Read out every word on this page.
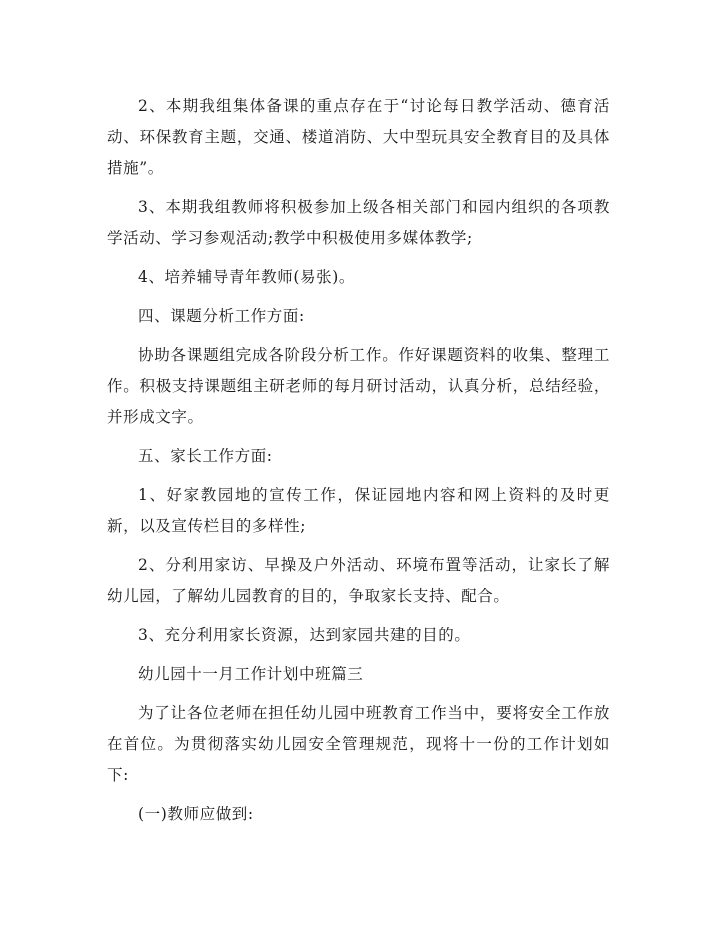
2、本期我组集体备课的重点存在于“讨论每日教学活动、德育活动、环保教育主题，交通、楼道消防、大中型玩具安全教育目的及具体措施”。

3、本期我组教师将积极参加上级各相关部门和园内组织的各项教学活动、学习参观活动;教学中积极使用多媒体教学;

4、培养辅导青年教师(易张)。

四、课题分析工作方面:

协助各课题组完成各阶段分析工作。作好课题资料的收集、整理工作。积极支持课题组主研老师的每月研讨活动，认真分析，总结经验，并形成文字。

五、家长工作方面:

1、好家教园地的宣传工作，保证园地内容和网上资料的及时更新，以及宣传栏目的多样性;

2、分利用家访、早操及户外活动、环境布置等活动，让家长了解幼儿园，了解幼儿园教育的目的，争取家长支持、配合。

3、充分利用家长资源，达到家园共建的目的。

幼儿园十一月工作计划中班篇三

为了让各位老师在担任幼儿园中班教育工作当中，要将安全工作放在首位。为贯彻落实幼儿园安全管理规范，现将十一份的工作计划如下:

(一)教师应做到:
